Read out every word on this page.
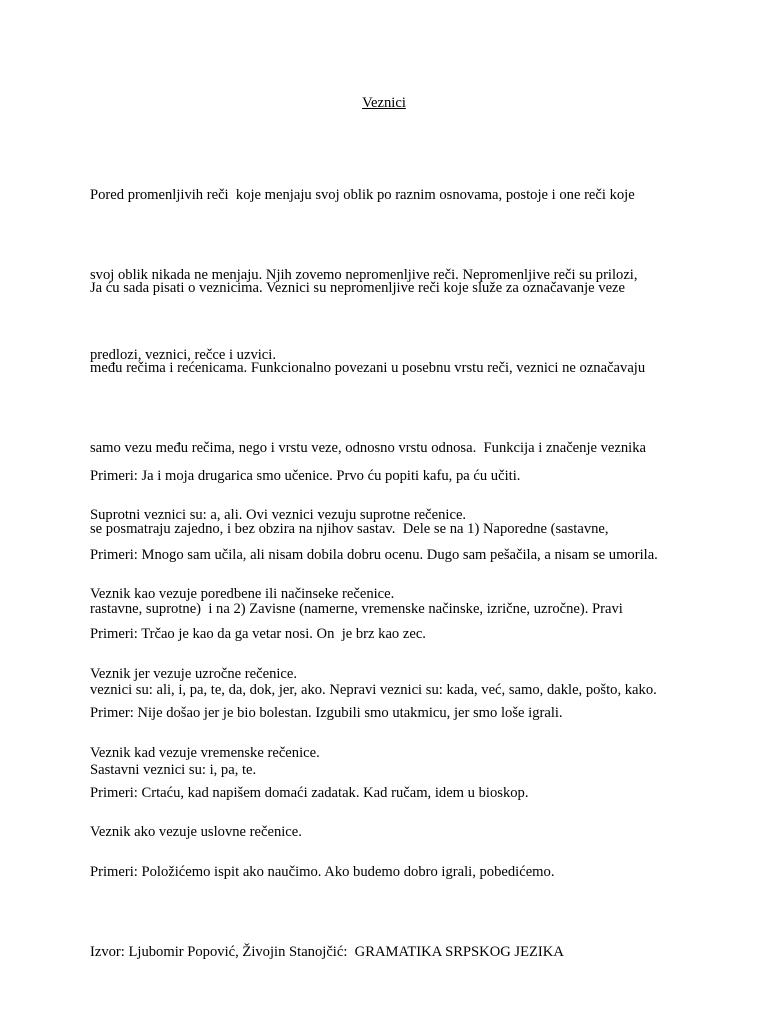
Veznici

Pored promenljivih reči  koje menjaju svoj oblik po raznim osnovama, postoje i one reči koje

svoj oblik nikada ne menjaju. Njih zovemo nepromenljive reči. Nepromenljive reči su prilozi,

predlozi, veznici, rečce i uzvici.

Ja ću sada pisati o veznicima. Veznici su nepromenljive reči koje služe za označavanje veze

među rečima i rećenicama. Funkcionalno povezani u posebnu vrstu reči, veznici ne označavaju

samo vezu među rečima, nego i vrstu veze, odnosno vrstu odnosa.  Funkcija i značenje veznika

se posmatraju zajedno, i bez obzira na njihov sastav.  Dele se na 1) Naporedne (sastavne,

rastavne, suprotne)  i na 2) Zavisne (namerne, vremenske načinske, izrične, uzročne). Pravi

veznici su: ali, i, pa, te, da, dok, jer, ako. Nepravi veznici su: kada, već, samo, dakle, pošto, kako.

Sastavni veznici su: i, pa, te.

Primeri: Ja i moja drugarica smo učenice. Prvo ću popiti kafu, pa ću učiti.

Suprotni veznici su: a, ali. Ovi veznici vezuju suprotne rečenice.

Primeri: Mnogo sam učila, ali nisam dobila dobru ocenu. Dugo sam pešačila, a nisam se umorila.

Veznik kao vezuje poredbene ili načinseke rečenice.

Primeri: Trčao je kao da ga vetar nosi. On  je brz kao zec.

Veznik jer vezuje uzročne rečenice.

Primer: Nije došao jer je bio bolestan. Izgubili smo utakmicu, jer smo loše igrali.

Veznik kad vezuje vremenske rečenice.

Primeri: Crtaću, kad napišem domaći zadatak. Kad ručam, idem u bioskop.

Veznik ako vezuje uslovne rečenice.

Primeri: Položićemo ispit ako naučimo. Ako budemo dobro igrali, pobedićemo.

Izvor: Ljubomir Popović, Živojin Stanojčić:  GRAMATIKA SRPSKOG JEZIKA
